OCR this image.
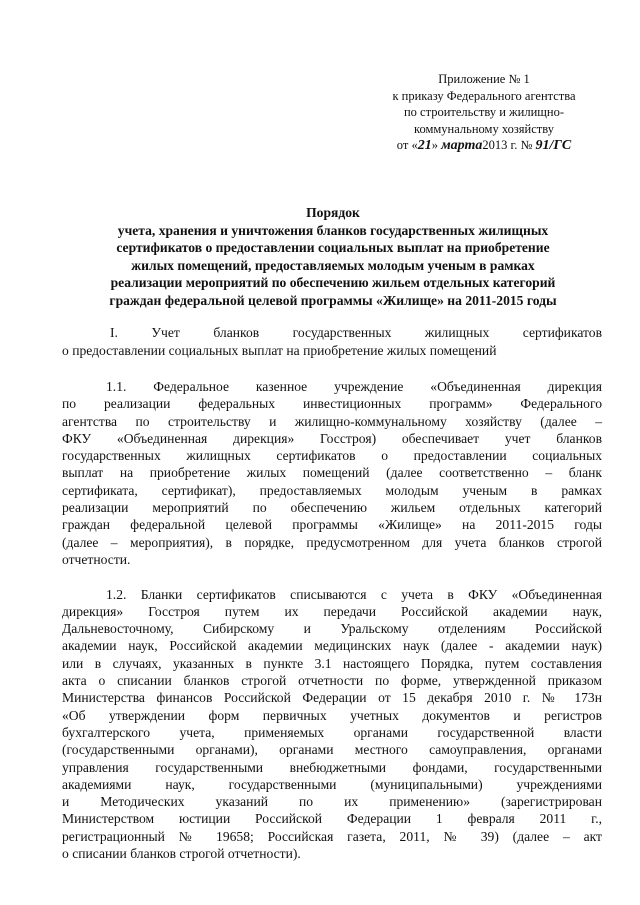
Приложение № 1
к приказу Федерального агентства
по строительству и жилищно-
коммунальному хозяйству
от «21» марта2013 г. № 91/ГС
Порядок
учета, хранения и уничтожения бланков государственных жилищных
сертификатов о предоставлении социальных выплат на приобретение
жилых помещений, предоставляемых молодым ученым в рамках
реализации мероприятий по обеспечению жильем отдельных категорий
граждан федеральной целевой программы «Жилище» на 2011-2015 годы
I. Учет бланков государственных жилищных сертификатов
о предоставлении социальных выплат на приобретение жилых помещений
1.1. Федеральное казенное учреждение «Объединенная дирекция
по реализации федеральных инвестиционных программ» Федерального
агентства по строительству и жилищно-коммунальному хозяйству (далее –
ФКУ «Объединенная дирекция» Госстроя) обеспечивает учет бланков
государственных жилищных сертификатов о предоставлении социальных
выплат на приобретение жилых помещений (далее соответственно – бланк
сертификата, сертификат), предоставляемых молодым ученым в рамках
реализации мероприятий по обеспечению жильем отдельных категорий
граждан федеральной целевой программы «Жилище» на 2011-2015 годы
(далее – мероприятия), в порядке, предусмотренном для учета бланков строгой
отчетности.
1.2. Бланки сертификатов списываются с учета в ФКУ «Объединенная
дирекция» Госстроя путем их передачи Российской академии наук,
Дальневосточному, Сибирскому и Уральскому отделениям Российской
академии наук, Российской академии медицинских наук (далее - академии наук)
или в случаях, указанных в пункте 3.1 настоящего Порядка, путем составления
акта о списании бланков строгой отчетности по форме, утвержденной приказом
Министерства финансов Российской Федерации от 15 декабря 2010 г. № 173н
«Об утверждении форм первичных учетных документов и регистров
бухгалтерского учета, применяемых органами государственной власти
(государственными органами), органами местного самоуправления, органами
управления государственными внебюджетными фондами, государственными
академиями наук, государственными (муниципальными) учреждениями
и Методических указаний по их применению» (зарегистрирован
Министерством юстиции Российской Федерации 1 февраля 2011 г.,
регистрационный № 19658; Российская газета, 2011, № 39) (далее – акт
о списании бланков строгой отчетности).
